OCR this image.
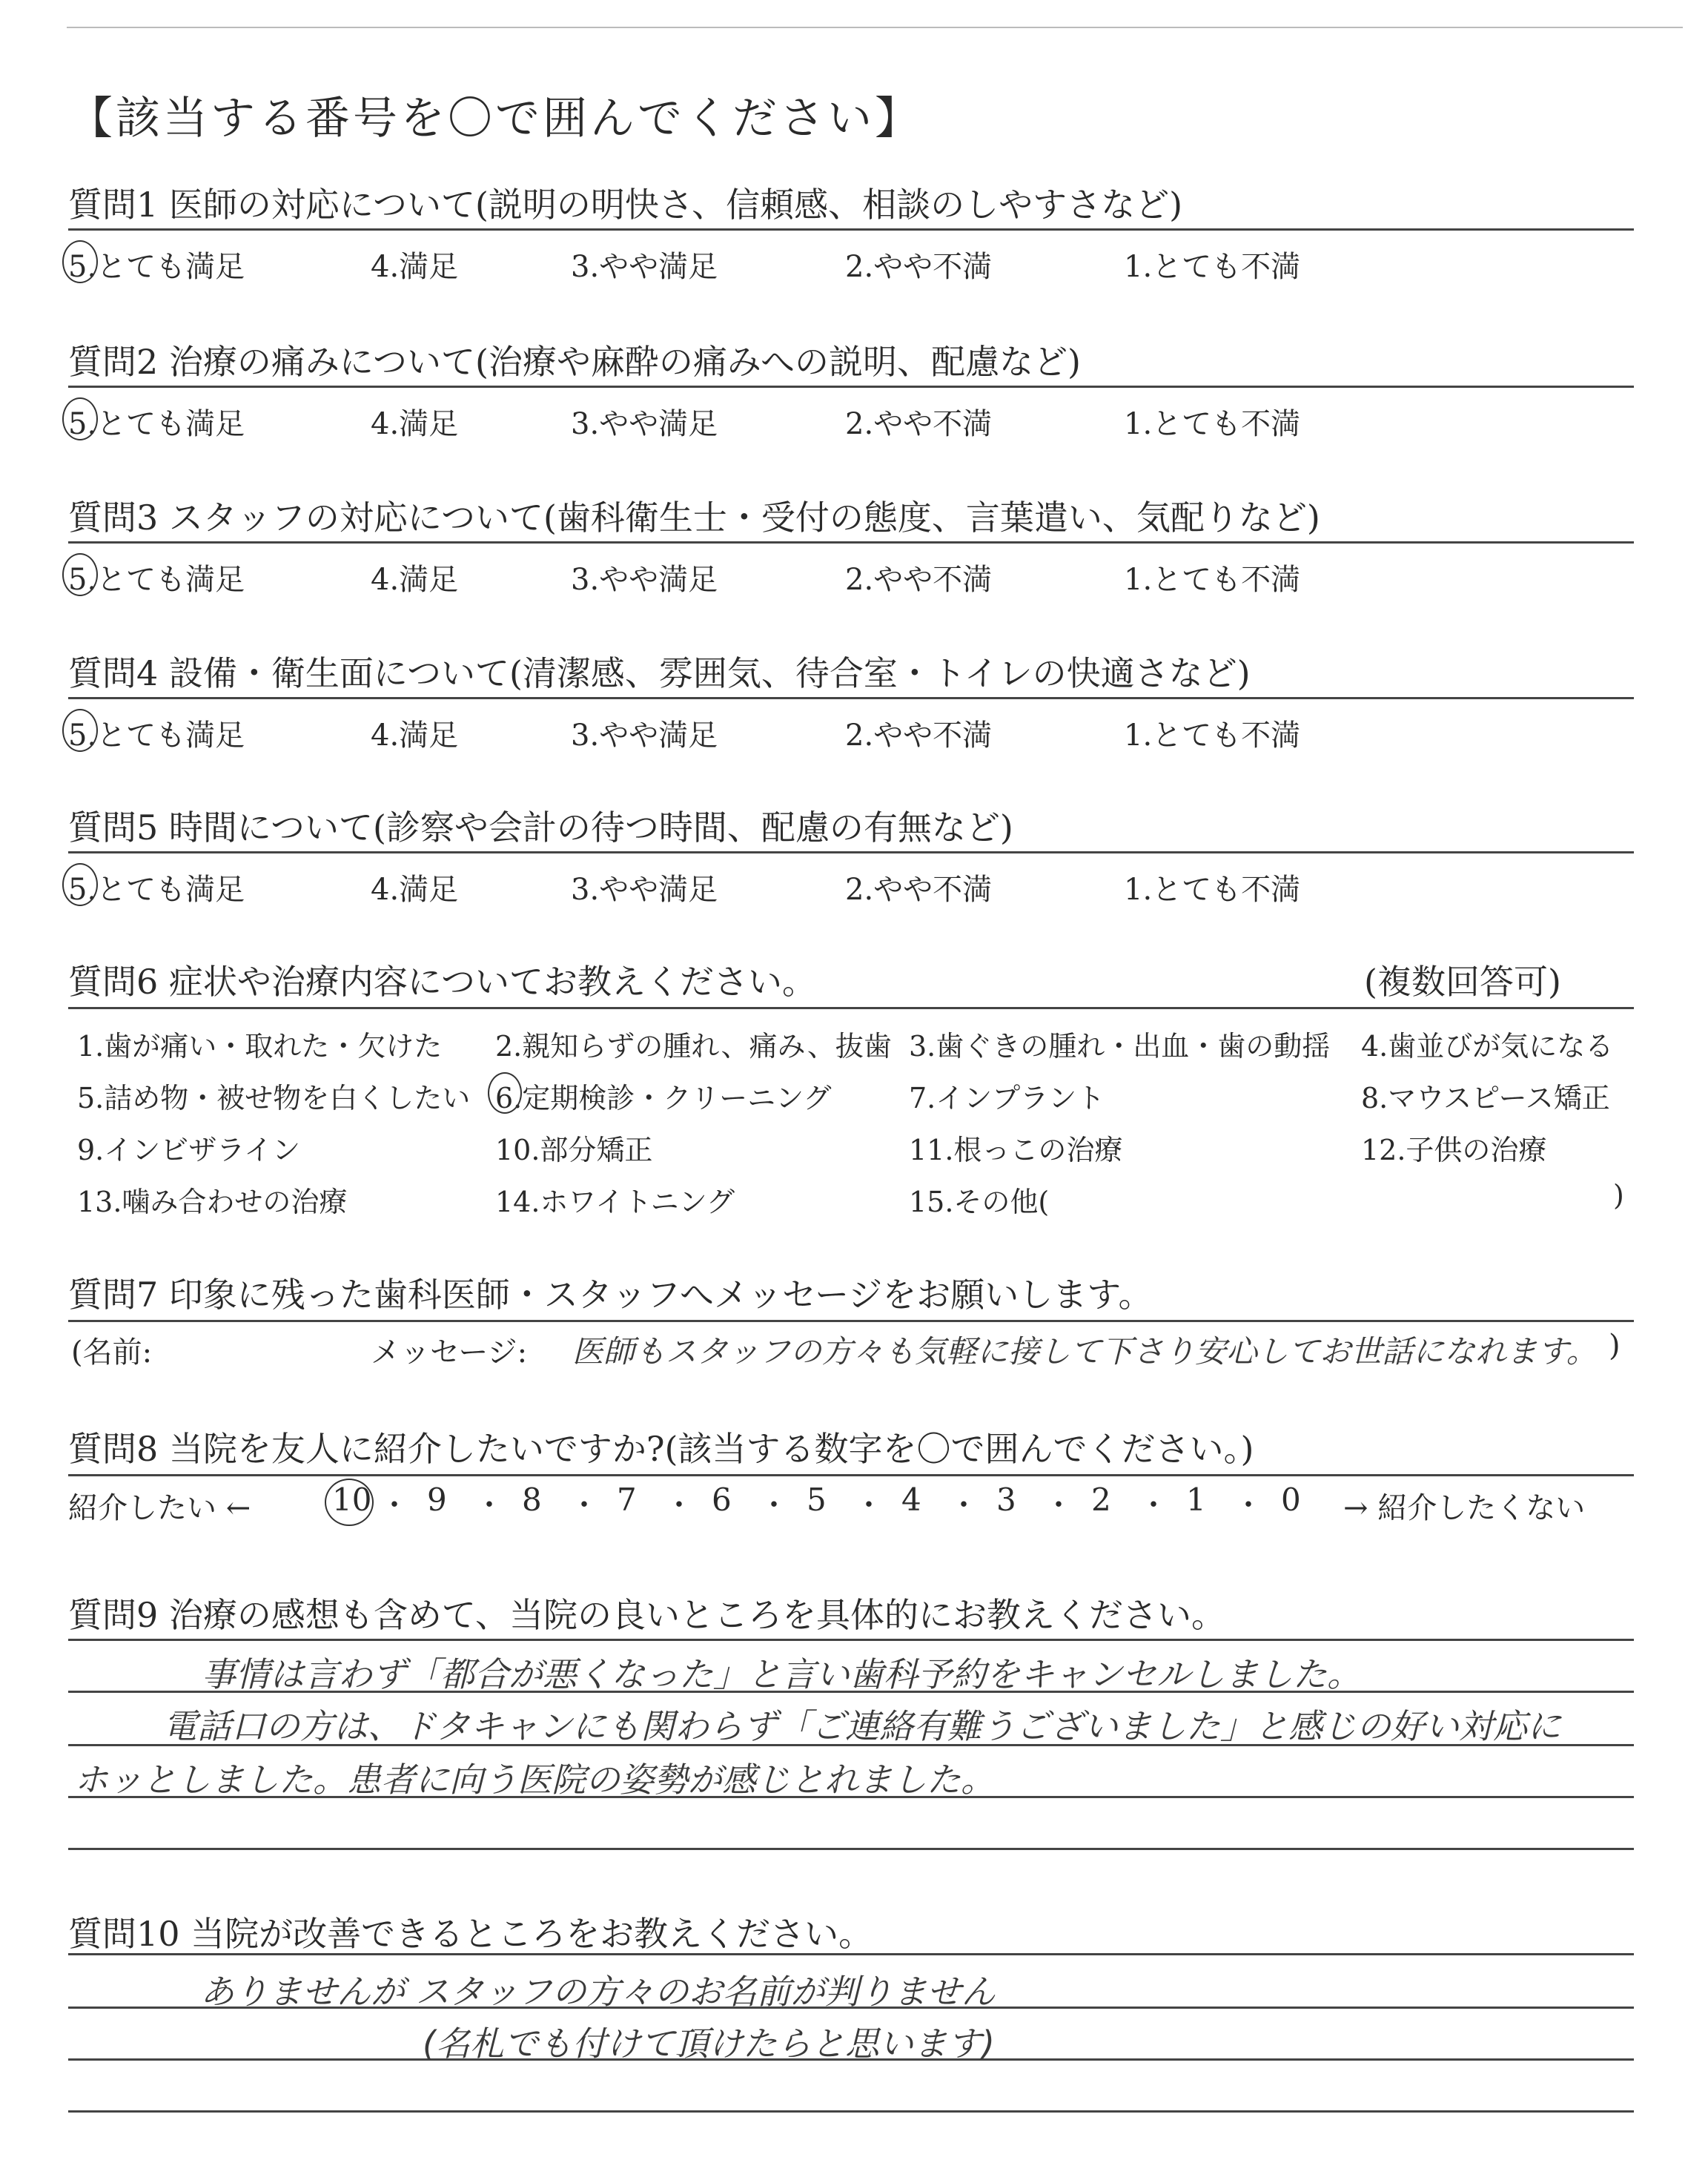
【該当する番号を〇で囲んでください】
質問1 医師の対応について(説明の明快さ、信頼感、相談のしやすさなど)
5.とても満足	4.満足	3.やや満足	2.やや不満	1.とても不満
質問2 治療の痛みについて(治療や麻酔の痛みへの説明、配慮など)
5.とても満足	4.満足	3.やや満足	2.やや不満	1.とても不満
質問3 スタッフの対応について(歯科衛生士・受付の態度、言葉遣い、気配りなど)
5.とても満足	4.満足	3.やや満足	2.やや不満	1.とても不満
質問4 設備・衛生面について(清潔感、雰囲気、待合室・トイレの快適さなど)
5.とても満足	4.満足	3.やや満足	2.やや不満	1.とても不満
質問5 時間について(診察や会計の待つ時間、配慮の有無など)
5.とても満足	4.満足	3.やや満足	2.やや不満	1.とても不満
質問6 症状や治療内容についてお教えください。	(複数回答可)
1.歯が痛い・取れた・欠けた 2.親知らずの腫れ、痛み、抜歯 3.歯ぐきの腫れ・出血・歯の動揺 4.歯並びが気になる
5.詰め物・被せ物を白くしたい 6.定期検診・クリーニング	7.インプラント	8.マウスピース矯正
9.インビザライン	10.部分矯正	11.根っこの治療	12.子供の治療
13.噛み合わせの治療	14.ホワイトニング	15.その他(	)
質問7 印象に残った歯科医師・スタッフへメッセージをお願いします。
(名前:	メッセージ: 医師もスタッフの方々も気軽に接して下さり安心してお世話になれます。 )
質問8 当院を友人に紹介したいですか?(該当する数字を〇で囲んでください。)
紹介したい ←	10 ・ 9 ・ 8 ・ 7 ・ 6 ・ 5 ・ 4 ・ 3 ・ 2 ・ 1 ・ 0 → 紹介したくない
質問9 治療の感想も含めて、当院の良いところを具体的にお教えください。
事情は言わず「都合が悪くなった」と言い歯科予約をキャンセルしました。
電話口の方は、ドタキャンにも関わらず「ご連絡有難うございました」と感じの好い対応に
ホッとしました。患者に向う医院の姿勢が感じとれました。
質問10 当院が改善できるところをお教えください。
ありませんが スタッフの方々のお名前が判りません
(名札でも付けて頂けたらと思います)
